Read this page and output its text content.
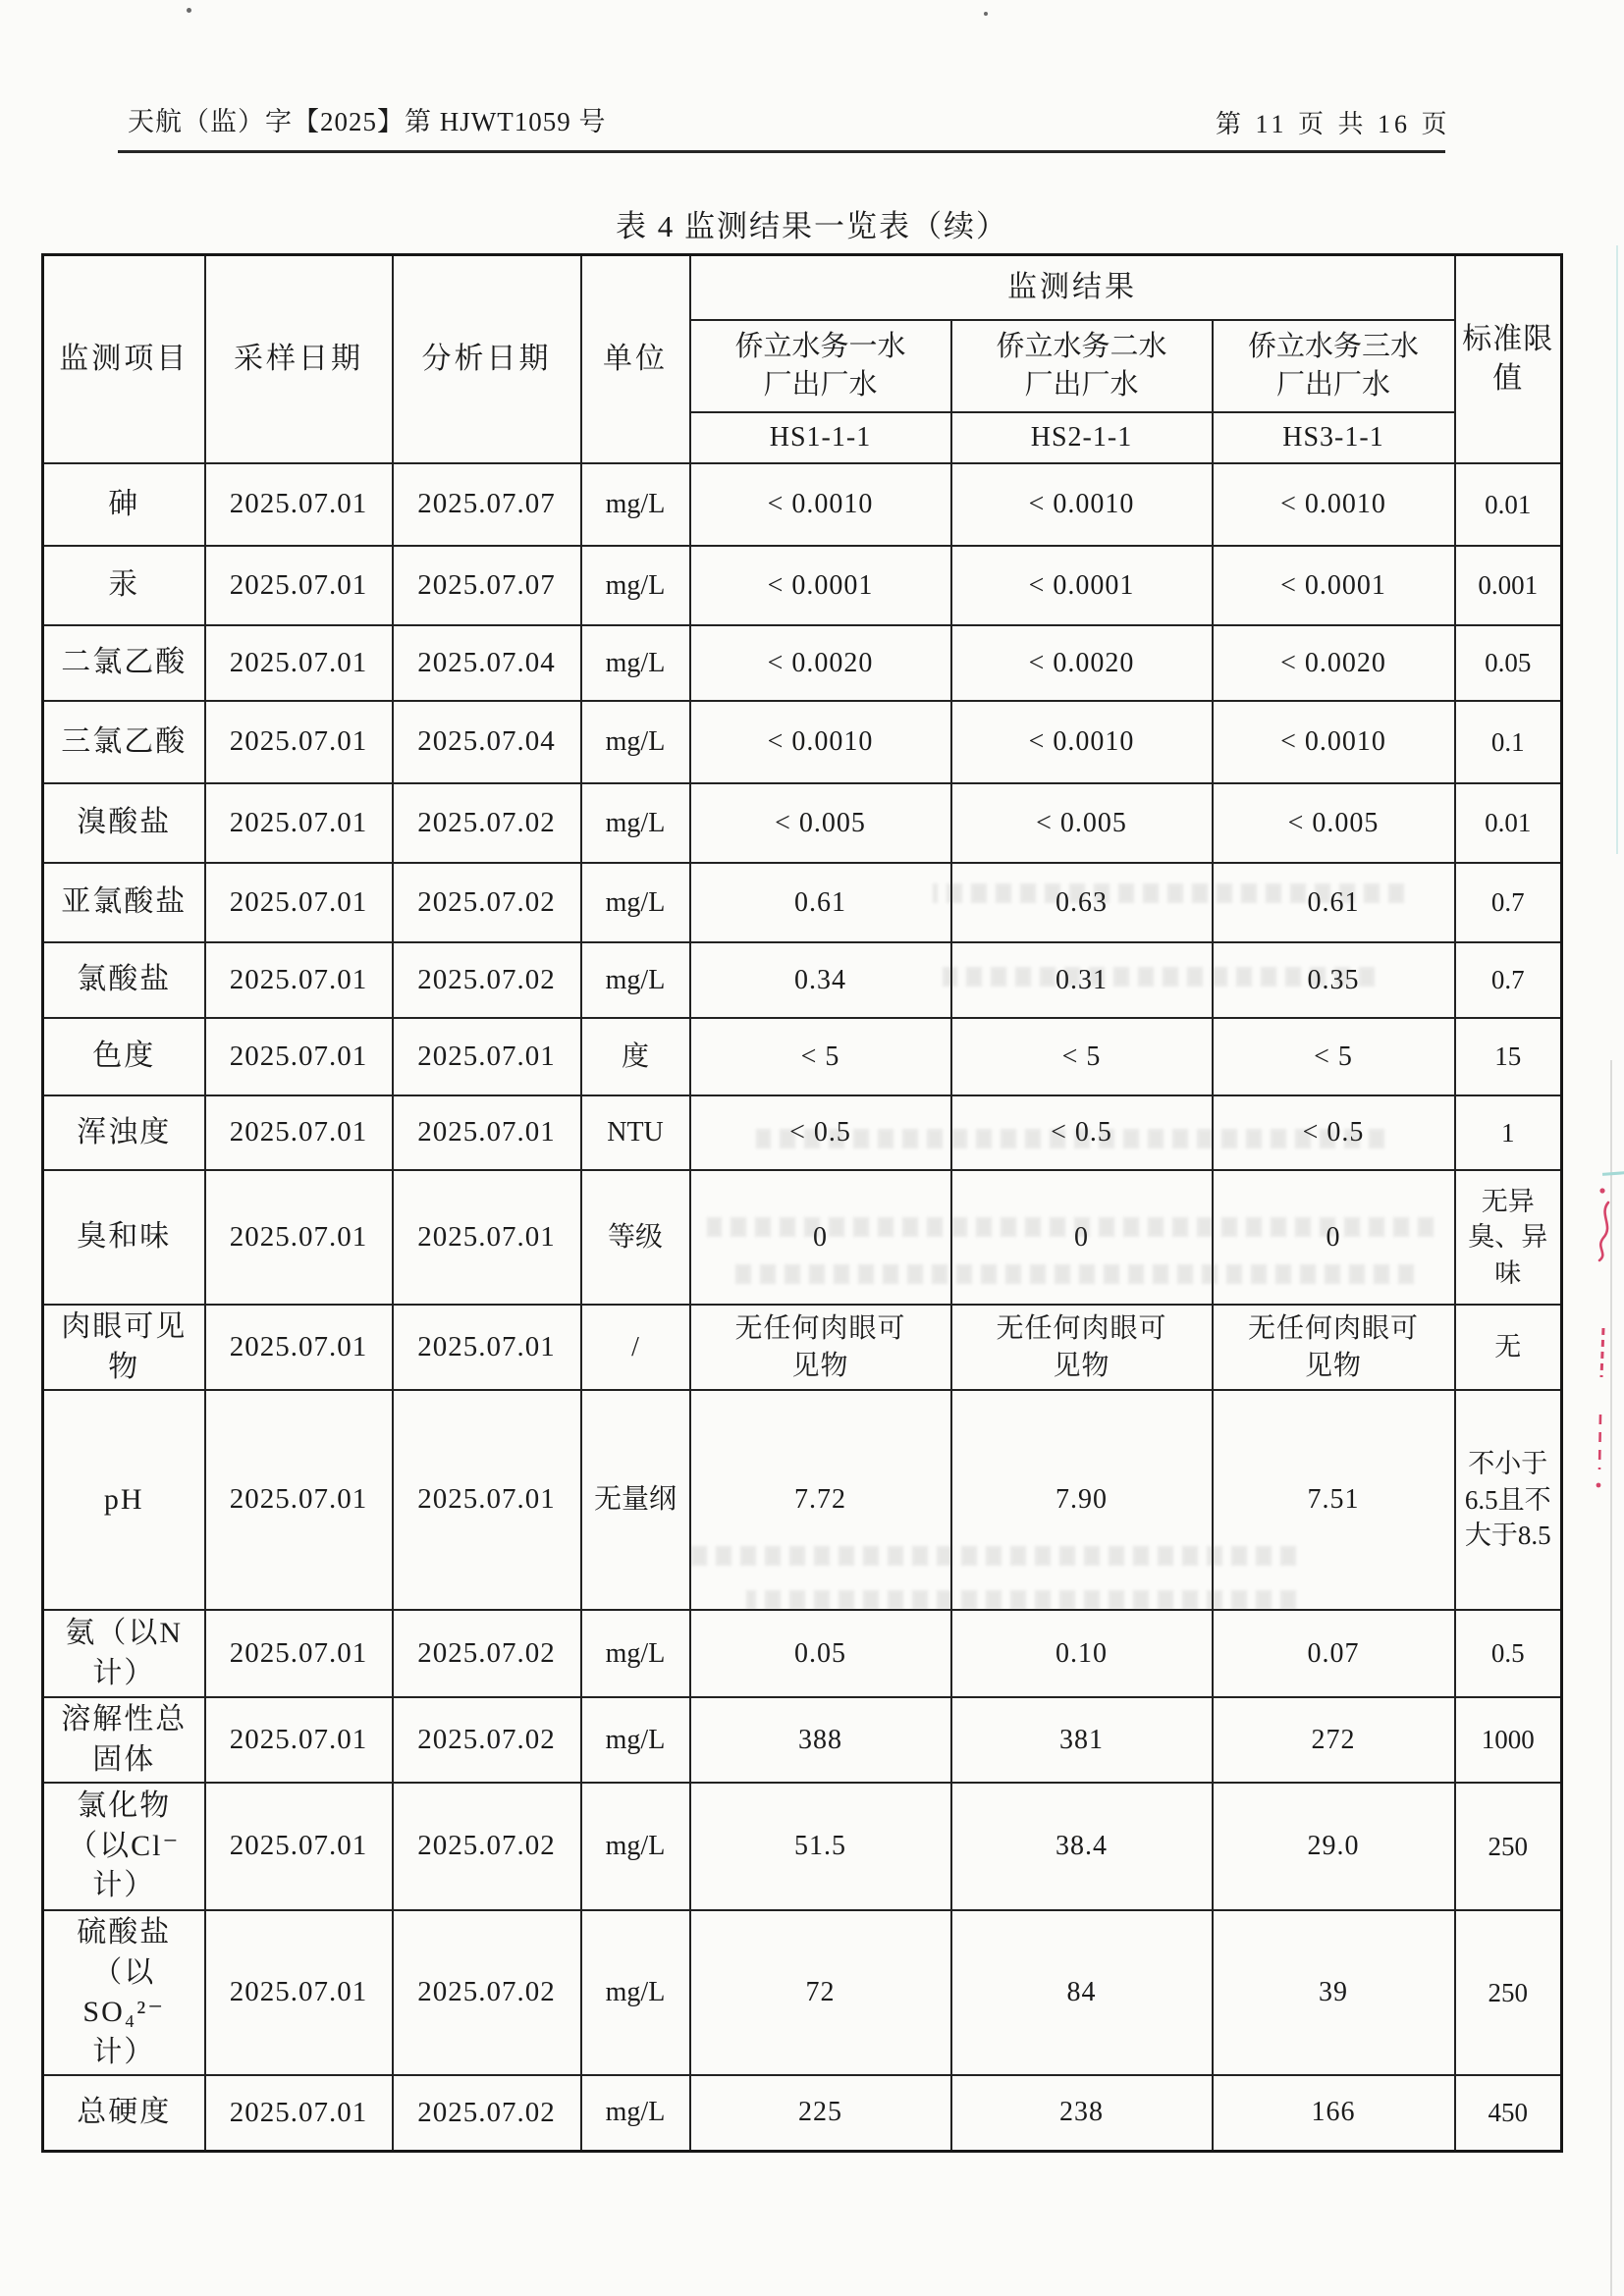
天航（监）字【2025】第 HJWT1059 号	第 11 页 共 16 页
表 4 监测结果一览表（续）
监测项目	采样日期	分析日期	单位	监测结果			标准限值
				侨立水务一水厂出厂水	侨立水务二水厂出厂水	侨立水务三水厂出厂水	
				HS1-1-1	HS2-1-1	HS3-1-1	
砷	2025.07.01	2025.07.07	mg/L	< 0.0010	< 0.0010	< 0.0010	0.01
汞	2025.07.01	2025.07.07	mg/L	< 0.0001	< 0.0001	< 0.0001	0.001
二氯乙酸	2025.07.01	2025.07.04	mg/L	< 0.0020	< 0.0020	< 0.0020	0.05
三氯乙酸	2025.07.01	2025.07.04	mg/L	< 0.0010	< 0.0010	< 0.0010	0.1
溴酸盐	2025.07.01	2025.07.02	mg/L	< 0.005	< 0.005	< 0.005	0.01
亚氯酸盐	2025.07.01	2025.07.02	mg/L	0.61	0.63	0.61	0.7
氯酸盐	2025.07.01	2025.07.02	mg/L	0.34	0.31	0.35	0.7
色度	2025.07.01	2025.07.01	度	< 5	< 5	< 5	15
浑浊度	2025.07.01	2025.07.01	NTU	< 0.5	< 0.5	< 0.5	1
臭和味	2025.07.01	2025.07.01	等级	0	0	0	无异臭、异味
肉眼可见物	2025.07.01	2025.07.01	/	无任何肉眼可见物	无任何肉眼可见物	无任何肉眼可见物	无
pH	2025.07.01	2025.07.01	无量纲	7.72	7.90	7.51	不小于6.5且不大于8.5
氨（以N计）	2025.07.01	2025.07.02	mg/L	0.05	0.10	0.07	0.5
溶解性总固体	2025.07.01	2025.07.02	mg/L	388	381	272	1000
氯化物（以Cl⁻计）	2025.07.01	2025.07.02	mg/L	51.5	38.4	29.0	250
硫酸盐（以SO₄²⁻计）	2025.07.01	2025.07.02	mg/L	72	84	39	250
总硬度	2025.07.01	2025.07.02	mg/L	225	238	166	450
